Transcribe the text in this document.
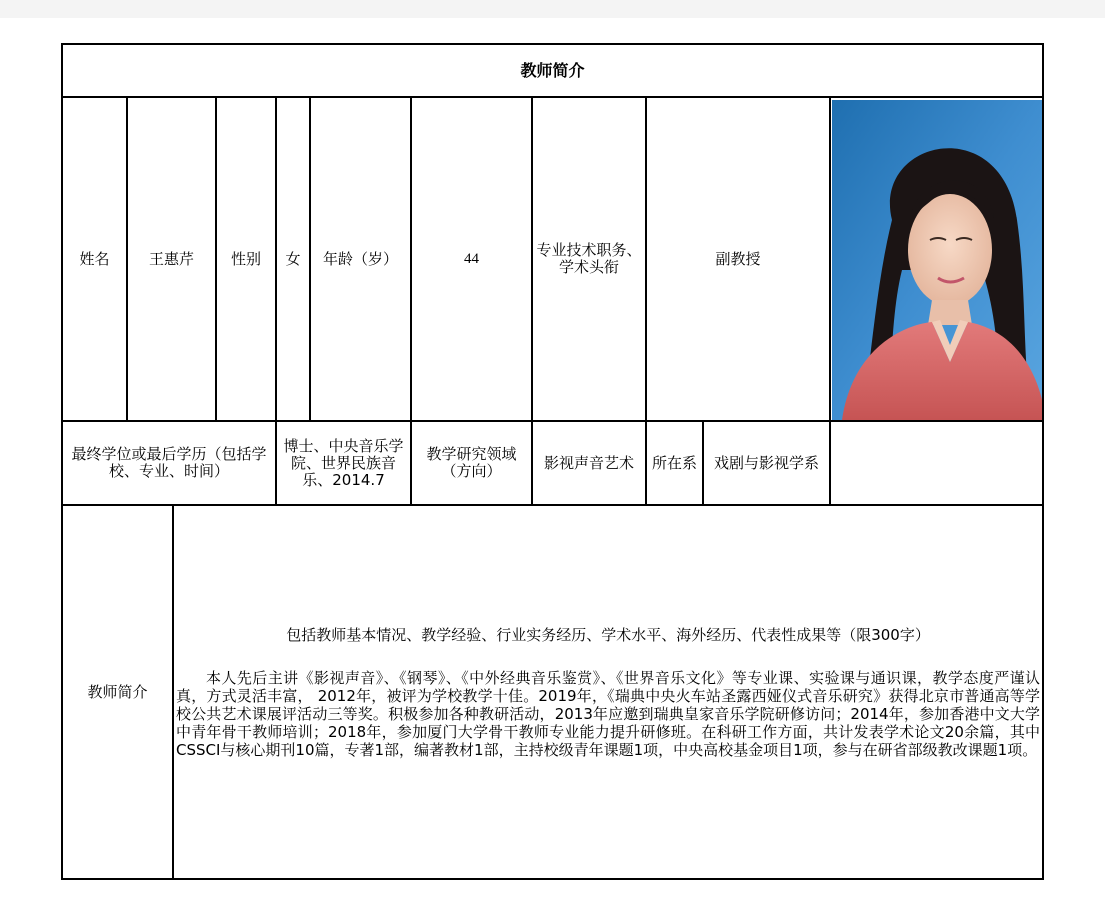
教师简介										
姓名	王惠芹		性别	女	年龄（岁）	44	专业技术职务、学术头衔	副教授	

最终学位或最后学历（包括学校、专业、时间）				博士、中央音乐学院、世界民族音乐、2014.7		教学研究领域（方向）	影视声音艺术	所在系	戏剧与影视学系	
教师简介		包括教师基本情况、教学经验、行业实务经历、学术水平、海外经历、代表性成果等（限300字）
本人先后主讲《影视声音》、《钢琴》、《中外经典音乐鉴赏》、《世界音乐文化》等专业课、实验课与通识课，教学态度严谨认真，方式灵活丰富， 2012年，被评为学校教学十佳。2019年，《瑞典中央火车站圣露西娅仪式音乐研究》获得北京市普通高等学校公共艺术课展评活动三等奖。积极参加各种教研活动，2013年应邀到瑞典皇家音乐学院研修访问；2014年，参加香港中文大学中青年骨干教师培训；2018年，参加厦门大学骨干教师专业能力提升研修班。在科研工作方面，共计发表学术论文20余篇，其中CSSCI与核心期刊10篇，专著1部，编著教材1部，主持校级青年课题1项，中央高校基金项目1项，参与在研省部级教改课题1项。								
